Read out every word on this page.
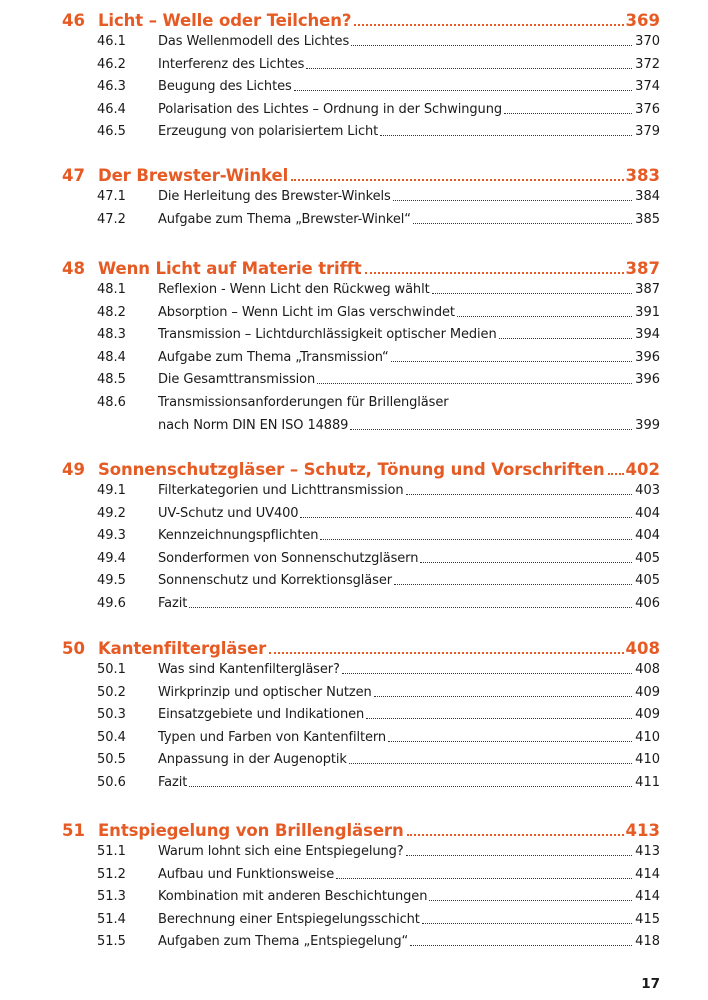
46 Licht – Welle oder Teilchen?	369
46.1	Das Wellenmodell des Lichtes	370
46.2	Interferenz des Lichtes	372
46.3	Beugung des Lichtes	374
46.4	Polarisation des Lichtes – Ordnung in der Schwingung	376
46.5	Erzeugung von polarisiertem Licht	379
47 Der Brewster-Winkel	383
47.1	Die Herleitung des Brewster-Winkels	384
47.2	Aufgabe zum Thema „Brewster-Winkel“	385
48 Wenn Licht auf Materie trifft	387
48.1	Reflexion - Wenn Licht den Rückweg wählt	387
48.2	Absorption – Wenn Licht im Glas verschwindet	391
48.3	Transmission – Lichtdurchlässigkeit optischer Medien	394
48.4	Aufgabe zum Thema „Transmission“	396
48.5	Die Gesamttransmission	396
48.6	Transmissionsanforderungen für Brillengläser
nach Norm DIN EN ISO 14889	399
49 Sonnenschutzgläser – Schutz, Tönung und Vorschriften 402
49.1	Filterkategorien und Lichttransmission	403
49.2	UV-Schutz und UV400	404
49.3	Kennzeichnungspflichten	404
49.4	Sonderformen von Sonnenschutzgläsern	405
49.5	Sonnenschutz und Korrektionsgläser	405
49.6	Fazit	406
50 Kantenfiltergläser	408
50.1	Was sind Kantenfiltergläser?	408
50.2	Wirkprinzip und optischer Nutzen	409
50.3	Einsatzgebiete und Indikationen	409
50.4	Typen und Farben von Kantenfiltern	410
50.5	Anpassung in der Augenoptik	410
50.6	Fazit	411
51 Entspiegelung von Brillengläsern	413
51.1	Warum lohnt sich eine Entspiegelung?	413
51.2	Aufbau und Funktionsweise	414
51.3	Kombination mit anderen Beschichtungen	414
51.4	Berechnung einer Entspiegelungsschicht	415
51.5	Aufgaben zum Thema „Entspiegelung“	418
17
